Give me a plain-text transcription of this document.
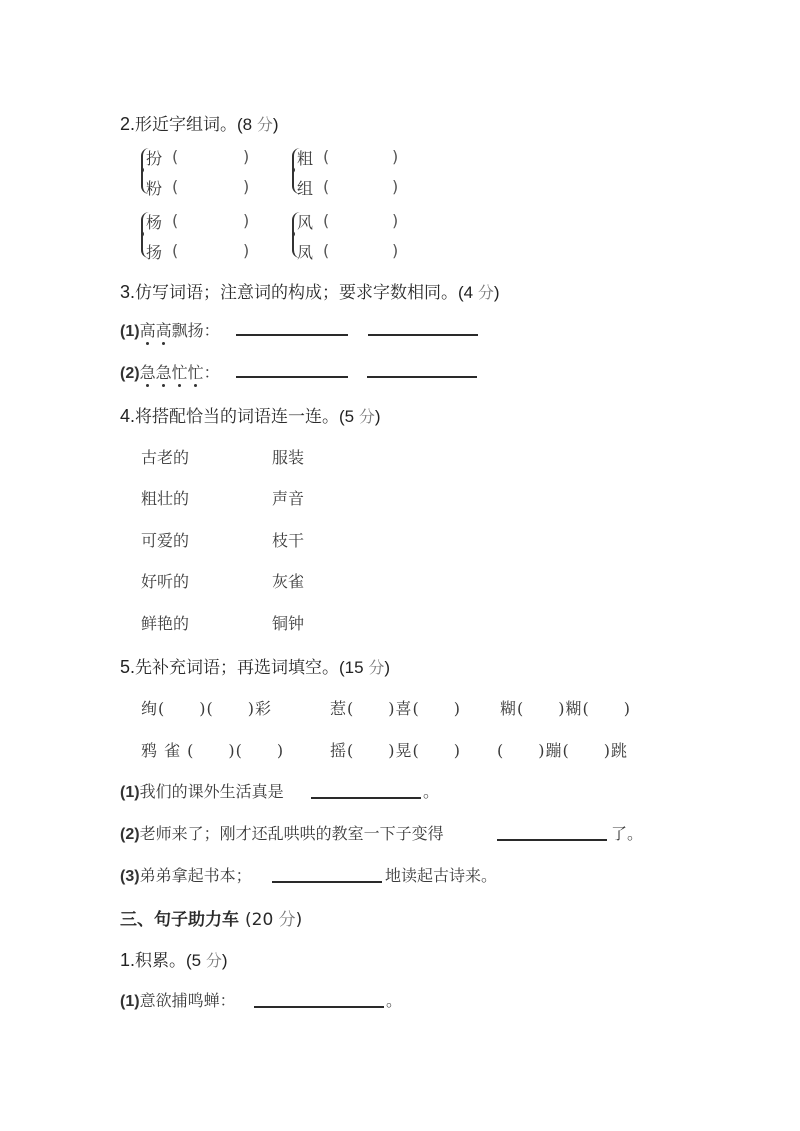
2.形近字组词。(8 分)
扮 (	)
粉 (	)
粗 (	)
组 (	)
杨 (	)
扬 (	)
风 (	)
凤 (	)
3.仿写词语；注意词的构成；要求字数相同。(4 分)
(1)高高飘扬：
(2)急急忙忙：
4.将搭配恰当的词语连一连。(5 分)
古老的	服装
粗壮的	声音
可爱的	枝干
好听的	灰雀
鲜艳的	铜钟
5.先补充词语；再选词填空。(15 分)
绚(　　)(　　)彩	惹(　　)喜(　　) 糊(　　)糊(　　)
鸦 雀 (　　)(　　)	摇(　　)晃(　　) (　　)蹦(　　)跳
(1)我们的课外生活真是	。
(2)老师来了；刚才还乱哄哄的教室一下子变得	了。
(3)弟弟拿起书本；	地读起古诗来。
三、句子助力车 (20 分)
1.积累。(5 分)
(1)意欲捕鸣蝉：	。
